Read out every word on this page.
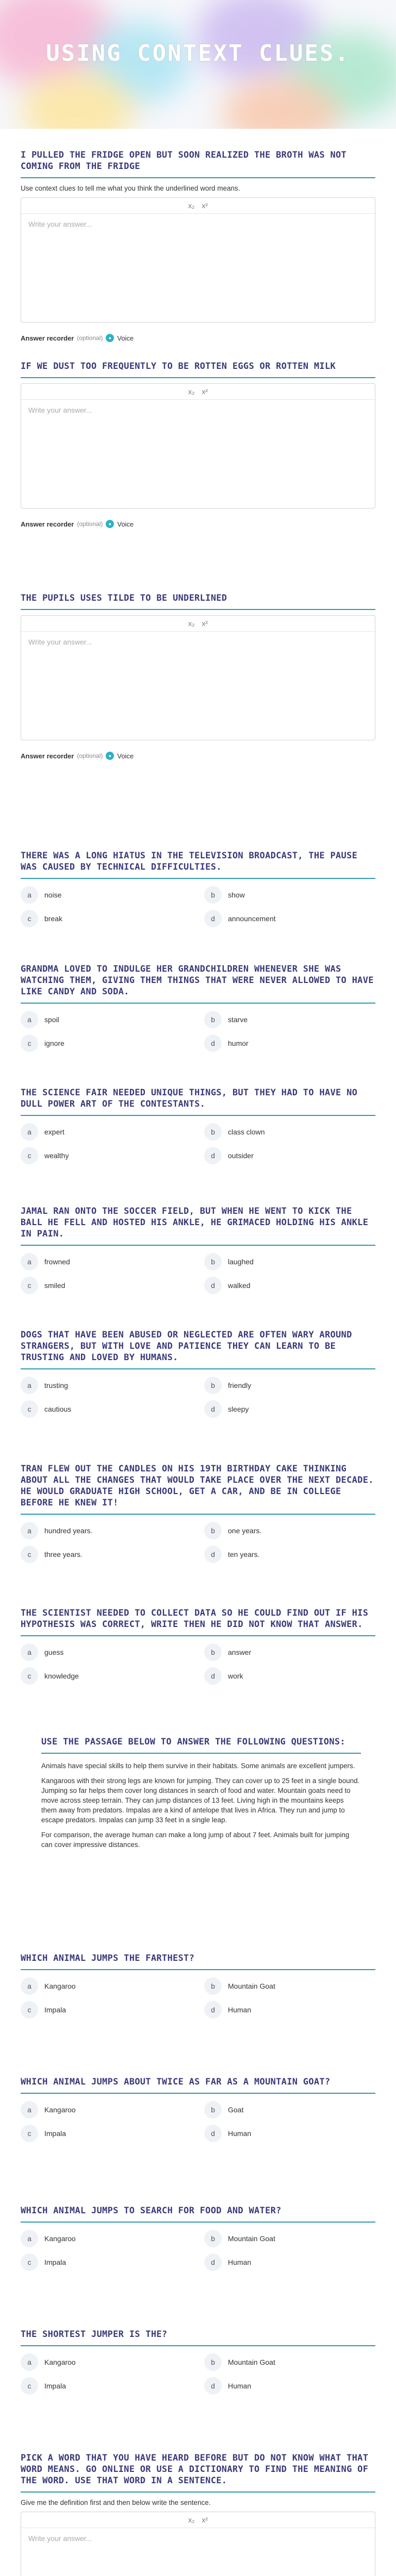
USING CONTEXT CLUES.
I PULLED THE FRIDGE OPEN BUT SOON REALIZED THE BROTH WAS NOT COMING FROM THE FRIDGE
Use context clues to tell me what you think the underlined word means.
x₂ x²
Write your answer...
Answer recorder (optional)	● Voice
IF WE DUST TOO FREQUENTLY TO BE ROTTEN EGGS OR ROTTEN MILK
x₂ x²
Write your answer...
Answer recorder (optional)	● Voice
THE PUPILS USES TILDE TO BE UNDERLINED
x₂ x²
Write your answer...
Answer recorder (optional)	● Voice
THERE WAS A LONG HIATUS IN THE TELEVISION BROADCAST, THE PAUSE WAS CAUSED BY TECHNICAL DIFFICULTIES.
a	noise	b	show
c	break	d	announcement
GRANDMA LOVED TO INDULGE HER GRANDCHILDREN WHENEVER SHE WAS WATCHING THEM, GIVING THEM THINGS THAT WERE NEVER ALLOWED TO HAVE LIKE CANDY AND SODA.
a	spoil	b	starve
c	ignore	d	humor
THE SCIENCE FAIR NEEDED UNIQUE THINGS, BUT THEY HAD TO HAVE NO DULL POWER ART OF THE CONTESTANTS.
a	expert	b	class clown
c	wealthy	d	outsider
JAMAL RAN ONTO THE SOCCER FIELD, BUT WHEN HE WENT TO KICK THE BALL HE FELL AND HOSTED HIS ANKLE, HE GRIMACED HOLDING HIS ANKLE IN PAIN.
a	frowned	b	laughed
c	smiled	d	walked
DOGS THAT HAVE BEEN ABUSED OR NEGLECTED ARE OFTEN WARY AROUND STRANGERS, BUT WITH LOVE AND PATIENCE THEY CAN LEARN TO BE TRUSTING AND LOVED BY HUMANS.
a	trusting	b	friendly
c	cautious	d	sleepy
TRAN FLEW OUT THE CANDLES ON HIS 19TH BIRTHDAY CAKE THINKING ABOUT ALL THE CHANGES THAT WOULD TAKE PLACE OVER THE NEXT DECADE. HE WOULD GRADUATE HIGH SCHOOL, GET A CAR, AND BE IN COLLEGE BEFORE HE KNEW IT!
a	hundred years.	b	one years.
c	three years.	d	ten years.
THE SCIENTIST NEEDED TO COLLECT DATA SO HE COULD FIND OUT IF HIS HYPOTHESIS WAS CORRECT, WRITE THEN HE DID NOT KNOW THAT ANSWER.
a	guess	b	answer
c	knowledge	d	work
USE THE PASSAGE BELOW TO ANSWER THE FOLLOWING QUESTIONS:

Animals have special skills to help them survive in their habitats. Some animals are excellent jumpers.

Kangaroos with their strong legs are known for jumping. They can cover up to 25 feet in a single bound. Jumping so far helps them cover long distances in search of food and water. Mountain goats need to move across steep terrain. They can jump distances of 13 feet. Living high in the mountains keeps them away from predators. Impalas are a kind of antelope that lives in Africa. They run and jump to escape predators. Impalas can jump 33 feet in a single leap.

For comparison, the average human can make a long jump of about 7 feet. Animals built for jumping can cover impressive distances.

WHICH ANIMAL JUMPS THE FARTHEST?
a	Kangaroo	b	Mountain Goat
c	Impala	d	Human
WHICH ANIMAL JUMPS ABOUT TWICE AS FAR AS A MOUNTAIN GOAT?
a	Kangaroo	b	Goat
c	Impala	d	Human
WHICH ANIMAL JUMPS TO SEARCH FOR FOOD AND WATER?
a	Kangaroo	b	Mountain Goat
c	Impala	d	Human
THE SHORTEST JUMPER IS THE?
a	Kangaroo	b	Mountain Goat
c	Impala	d	Human
PICK A WORD THAT YOU HAVE HEARD BEFORE BUT DO NOT KNOW WHAT THAT WORD MEANS. GO ONLINE OR USE A DICTIONARY TO FIND THE MEANING OF THE WORD. USE THAT WORD IN A SENTENCE.
Give me the definition first and then below write the sentence.
x₂ x²
Write your answer...
